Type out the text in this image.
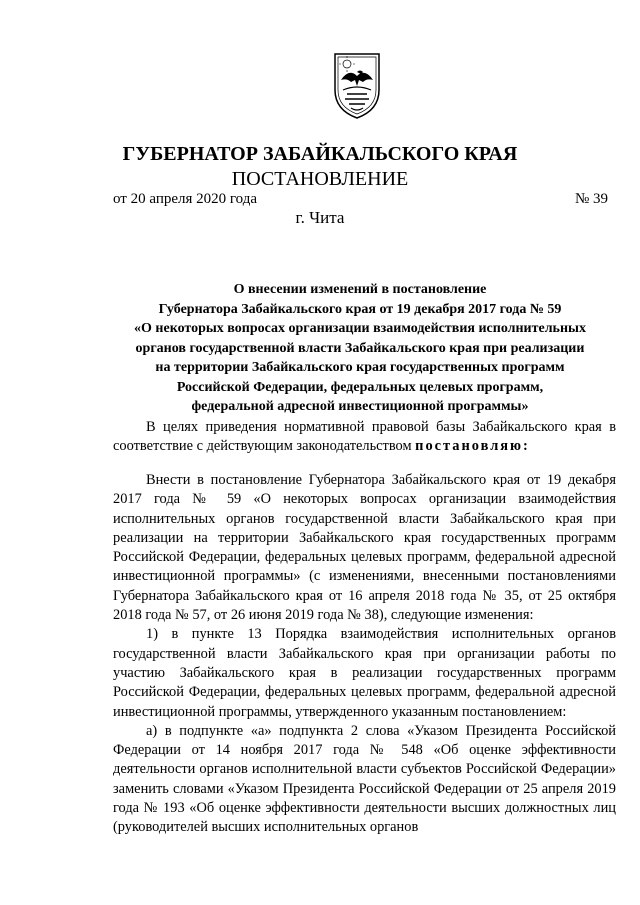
ГУБЕРНАТОР ЗАБАЙКАЛЬСКОГО КРАЯ
ПОСТАНОВЛЕНИЕ
от 20 апреля 2020 года	№ 39
г. Чита
О внесении изменений в постановление
Губернатора Забайкальского края от 19 декабря 2017 года № 59
«О некоторых вопросах организации взаимодействия исполнительных
органов государственной власти Забайкальского края при реализации
на территории Забайкальского края государственных программ
Российской Федерации, федеральных целевых программ,
федеральной адресной инвестиционной программы»

В целях приведения нормативной правовой базы Забайкальского края в соответствие с действующим законодательством постановляю:

Внести в постановление Губернатора Забайкальского края от 19 декабря 2017 года № 59 «О некоторых вопросах организации взаимодействия исполнительных органов государственной власти Забайкальского края при реализации на территории Забайкальского края государственных программ Российской Федерации, федеральных целевых программ, федеральной адресной инвестиционной программы» (с изменениями, внесенными постановлениями Губернатора Забайкальского края от 16 апреля 2018 года № 35, от 25 октября 2018 года № 57, от 26 июня 2019 года № 38), следующие изменения:

1) в пункте 13 Порядка взаимодействия исполнительных органов государственной власти Забайкальского края при организации работы по участию Забайкальского края в реализации государственных программ Российской Федерации, федеральных целевых программ, федеральной адресной инвестиционной программы, утвержденного указанным постановлением:

а) в подпункте «а» подпункта 2 слова «Указом Президента Российской Федерации от 14 ноября 2017 года № 548 «Об оценке эффективности деятельности органов исполнительной власти субъектов Российской Федерации» заменить словами «Указом Президента Российской Федерации от 25 апреля 2019 года № 193 «Об оценке эффективности деятельности высших должностных лиц (руководителей высших исполнительных органов
